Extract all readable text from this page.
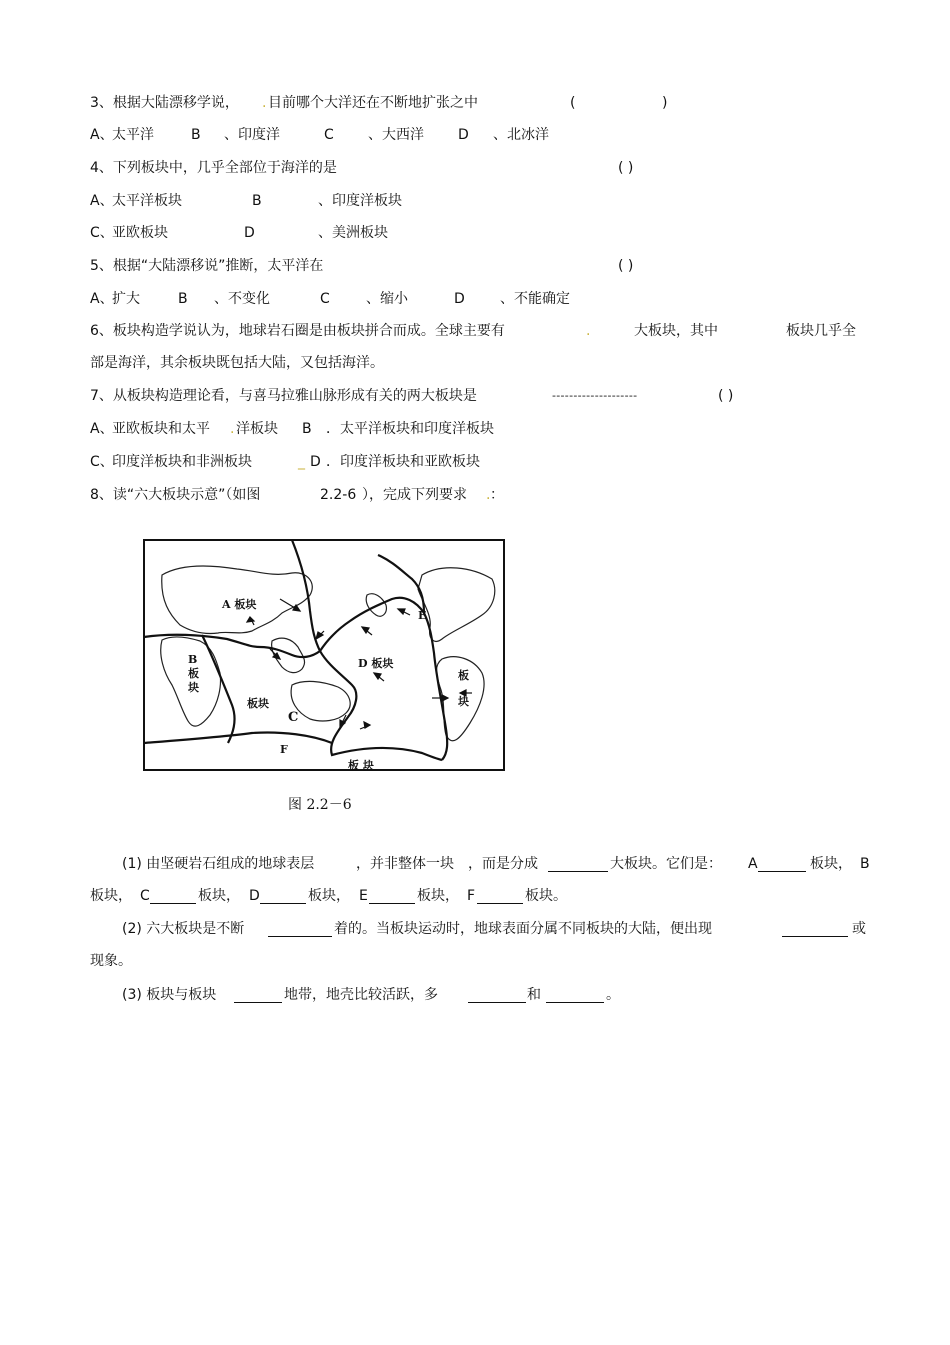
3、根据大陆漂移学说， . 目前哪个大洋还在不断地扩张之中	(	)
A、
太平洋	B 、印度洋	C 、大西洋 D 、北冰洋
4、下列板块中，几乎全部位于海洋的是	( )
A、
太平洋板块	B	、印度洋板块
C、
亚欧板块	D	、美洲板块
5、根据“大陆漂移说”推断，太平洋在	( )
A、
扩大	B 、不变化	C	、缩小	D	、不能确定
6、板块构造学说认为，地球岩石圈是由板块拼合而成。全球主要有	.	大板块，其中	板块几乎全
部是海洋，其余板块既包括大陆，又包括海洋。
7、从板块构造理论看，与喜马拉雅山脉形成有关的两大板块是	--------------------	( )
A、
亚欧板块和太平 . 洋板块 B ．太平洋板块和印度洋板块
C、
印度洋板块和非洲板块	_ D ．印度洋板块和亚欧板块
8、读“六大板块示意”（如图	2.2-6 ），完成下列要求 . ：
A 板块
B
板
块
板块
C
D 板块
E
板
块
F
板 块
图 2.2－6
(1) 由坚硬岩石组成的地球表层	，并非整体一块 ，而是分成	大板块。它们是： A	板块， B
板块， C	板块， D	板块， E	板块， F	板块。
(2) 六大板块是不断	着的。当板块运动时，地球表面分属不同板块的大陆，便出现	或
现象。
(3) 板块与板块	地带，地壳比较活跃，多	和	。
